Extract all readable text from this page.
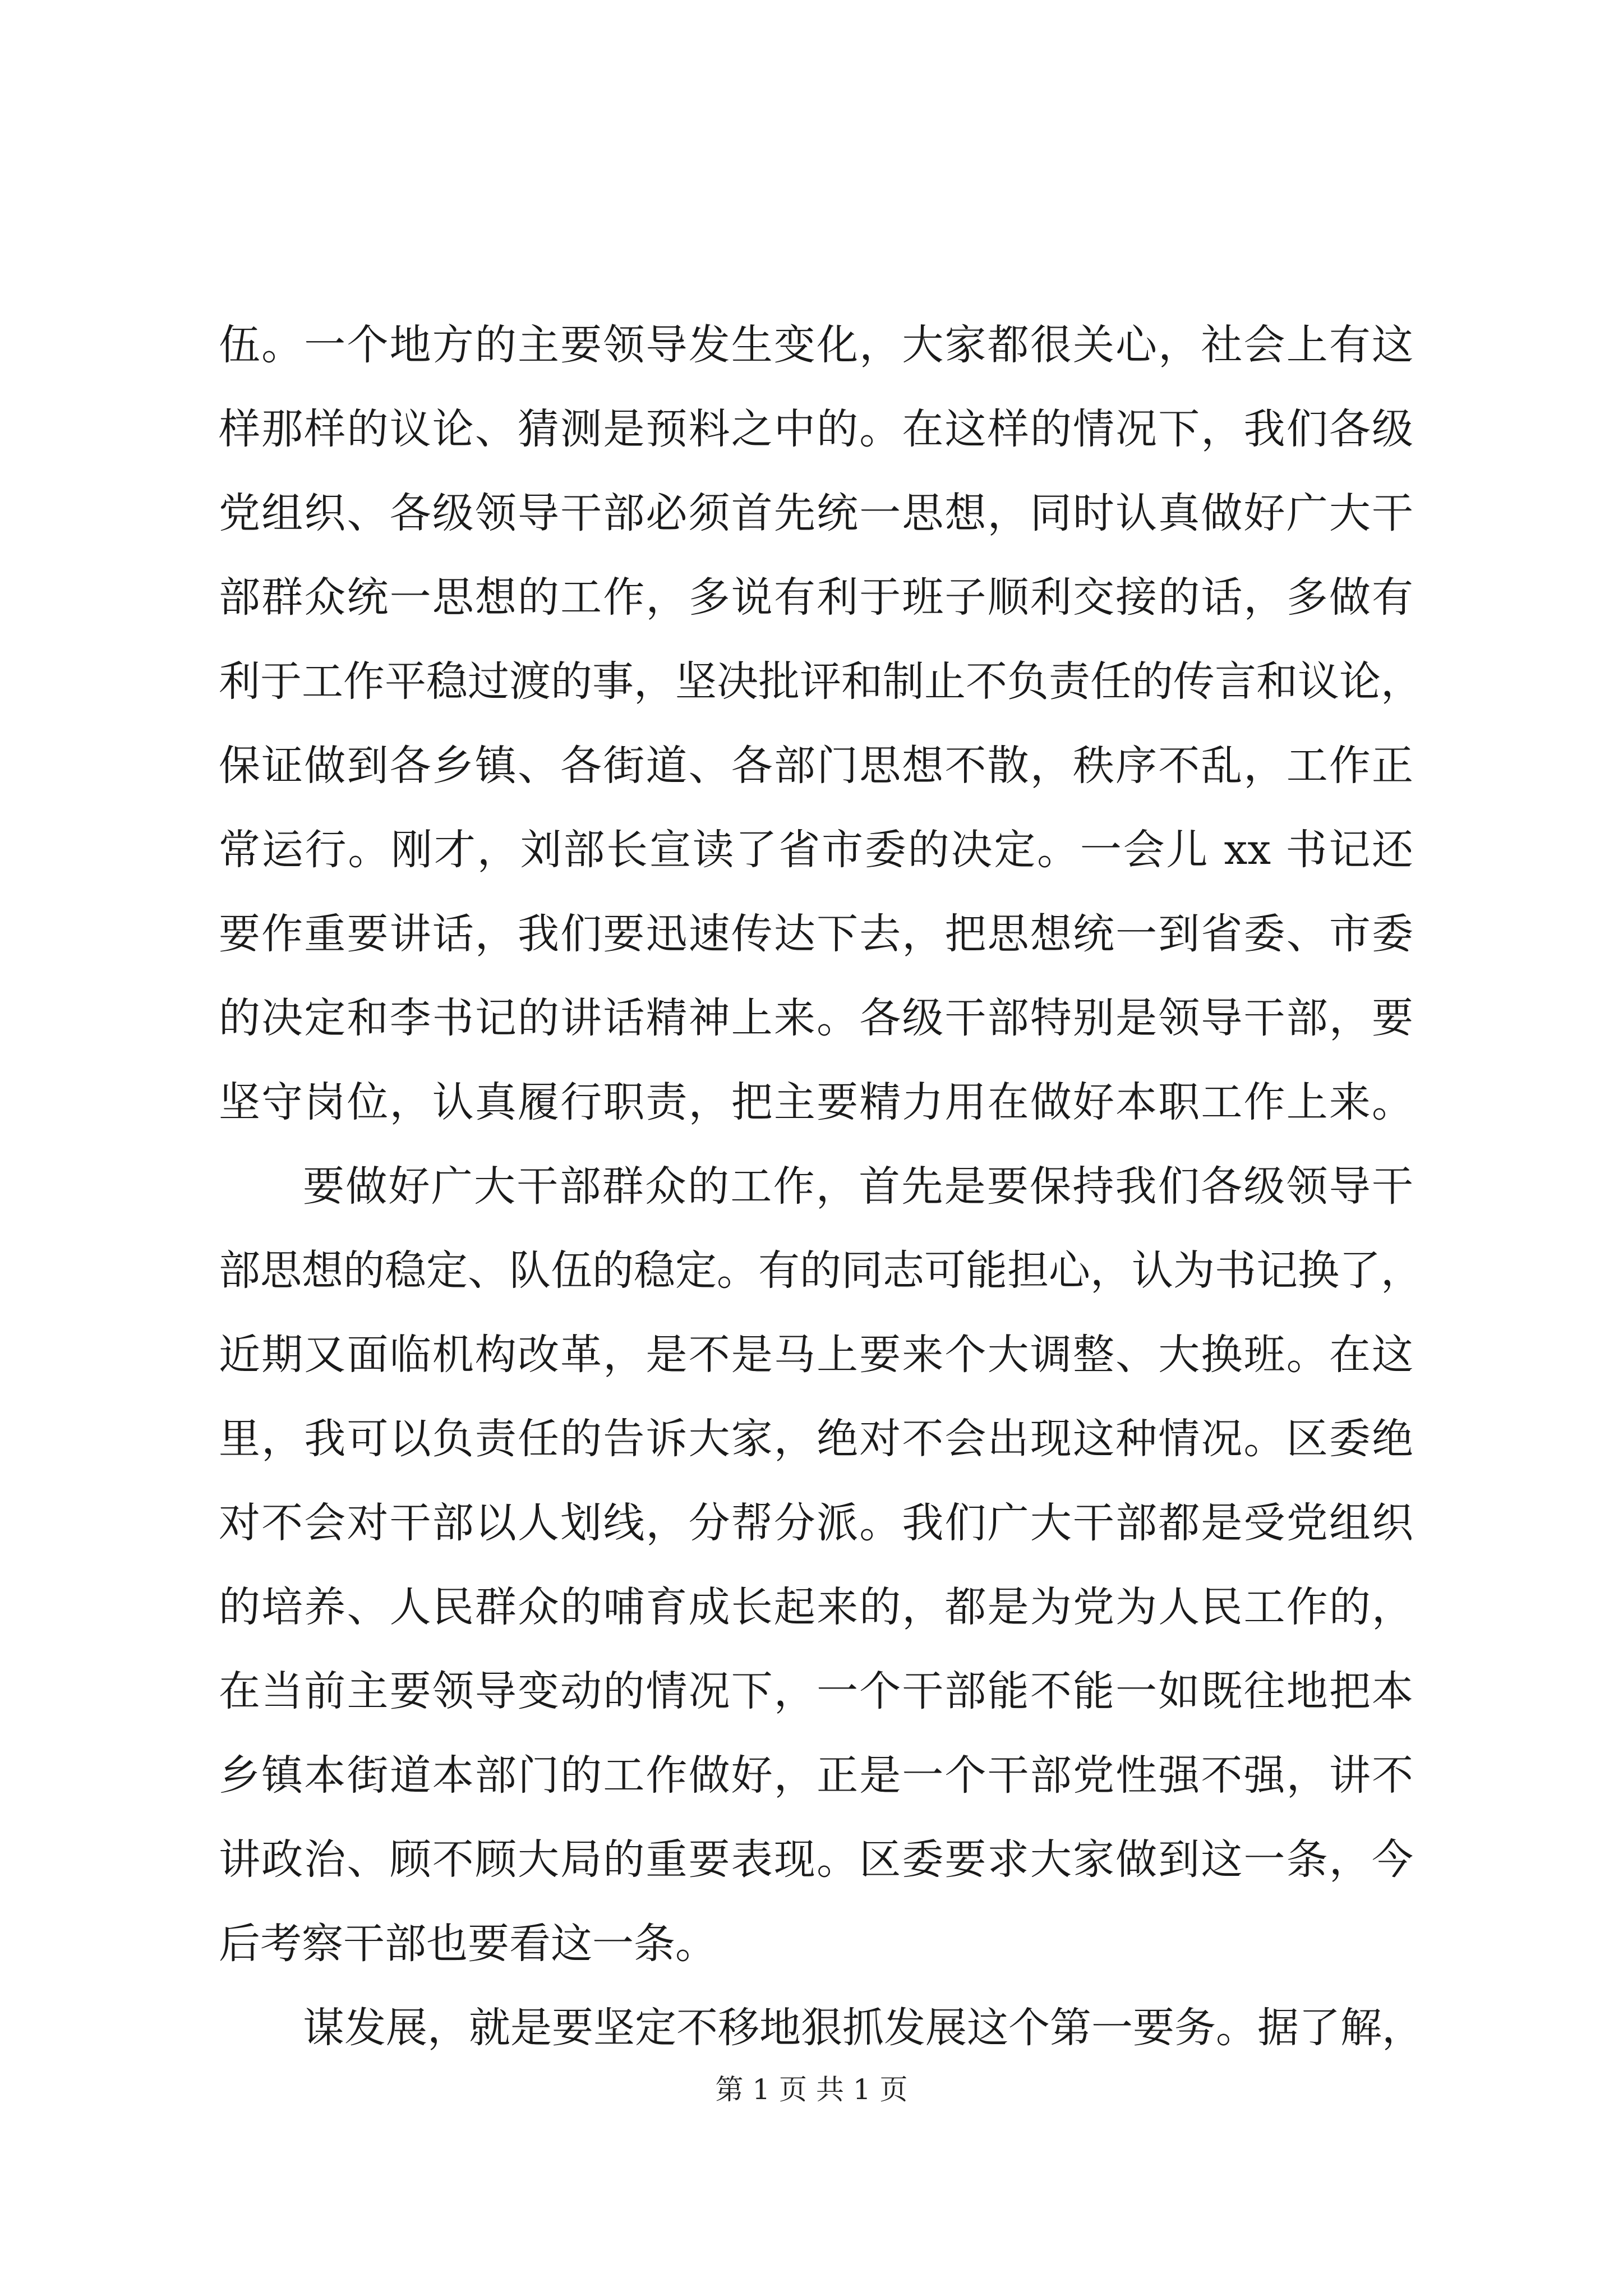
伍。一个地方的主要领导发生变化，大家都很关心，社会上有这
样那样的议论、猜测是预料之中的。在这样的情况下，我们各级
党组织、各级领导干部必须首先统一思想，同时认真做好广大干
部群众统一思想的工作，多说有利于班子顺利交接的话，多做有
利于工作平稳过渡的事，坚决批评和制止不负责任的传言和议论，
保证做到各乡镇、各街道、各部门思想不散，秩序不乱，工作正
常运行。刚才，刘部长宣读了省市委的决定。一会儿 xx 书记还
要作重要讲话，我们要迅速传达下去，把思想统一到省委、市委
的决定和李书记的讲话精神上来。各级干部特别是领导干部，要
坚守岗位，认真履行职责，把主要精力用在做好本职工作上来。
要做好广大干部群众的工作，首先是要保持我们各级领导干
部思想的稳定、队伍的稳定。有的同志可能担心，认为书记换了，
近期又面临机构改革，是不是马上要来个大调整、大换班。在这
里，我可以负责任的告诉大家，绝对不会出现这种情况。区委绝
对不会对干部以人划线，分帮分派。我们广大干部都是受党组织
的培养、人民群众的哺育成长起来的，都是为党为人民工作的，
在当前主要领导变动的情况下，一个干部能不能一如既往地把本
乡镇本街道本部门的工作做好，正是一个干部党性强不强，讲不
讲政治、顾不顾大局的重要表现。区委要求大家做到这一条，今
后考察干部也要看这一条。
谋发展，就是要坚定不移地狠抓发展这个第一要务。据了解，
第 1 页 共 1 页
